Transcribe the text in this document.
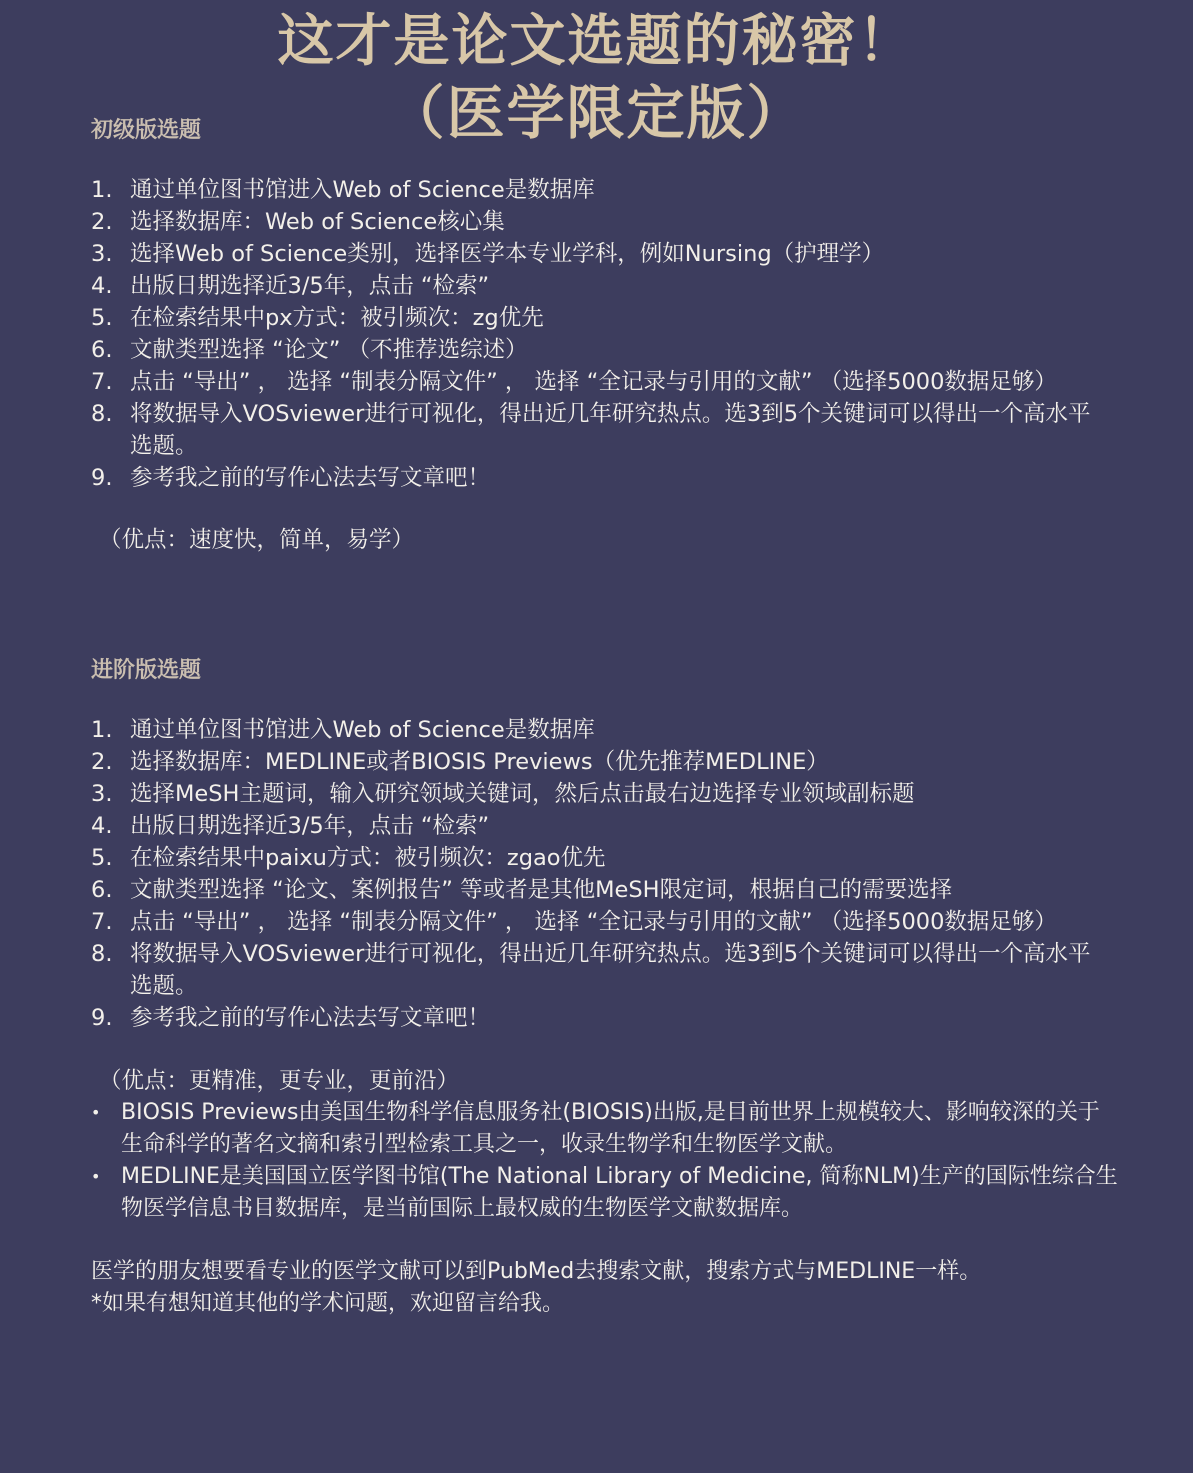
这才是论文选题的秘密！
（医学限定版）
初级版选题
1. 通过单位图书馆进入Web of Science是数据库
2. 选择数据库：Web of Science核心集
3. 选择Web of Science类别，选择医学本专业学科，例如Nursing（护理学）
4. 出版日期选择近3/5年，点击 “检索”
5. 在检索结果中px方式：被引频次：zg优先
6. 文献类型选择 “论文” （不推荐选综述）
7. 点击 “导出” ， 选择 “制表分隔文件” ， 选择 “全记录与引用的文献” （选择5000数据足够）
8. 将数据导入VOSviewer进行可视化，得出近几年研究热点。选3到5个关键词可以得出一个高水平选题。
9. 参考我之前的写作心法去写文章吧！

（优点：速度快，简单，易学）

进阶版选题
1. 通过单位图书馆进入Web of Science是数据库
2. 选择数据库：MEDLINE或者BIOSIS Previews（优先推荐MEDLINE）
3. 选择MeSH主题词，输入研究领域关键词，然后点击最右边选择专业领域副标题
4. 出版日期选择近3/5年，点击 “检索”
5. 在检索结果中paixu方式：被引频次：zgao优先
6. 文献类型选择 “论文、案例报告” 等或者是其他MeSH限定词，根据自己的需要选择
7. 点击 “导出” ， 选择 “制表分隔文件” ， 选择 “全记录与引用的文献” （选择5000数据足够）
8. 将数据导入VOSviewer进行可视化，得出近几年研究热点。选3到5个关键词可以得出一个高水平选题。
9. 参考我之前的写作心法去写文章吧！

（优点：更精准，更专业，更前沿）

• BIOSIS Previews由美国生物科学信息服务社(BIOSIS)出版,是目前世界上规模较大、影响较深的关于生命科学的著名文摘和索引型检索工具之一，收录生物学和生物医学文献。
• MEDLINE是美国国立医学图书馆(The National Library of Medicine, 简称NLM)生产的国际性综合生物医学信息书目数据库，是当前国际上最权威的生物医学文献数据库。

医学的朋友想要看专业的医学文献可以到PubMed去搜索文献，搜索方式与MEDLINE一样。

*如果有想知道其他的学术问题，欢迎留言给我。
